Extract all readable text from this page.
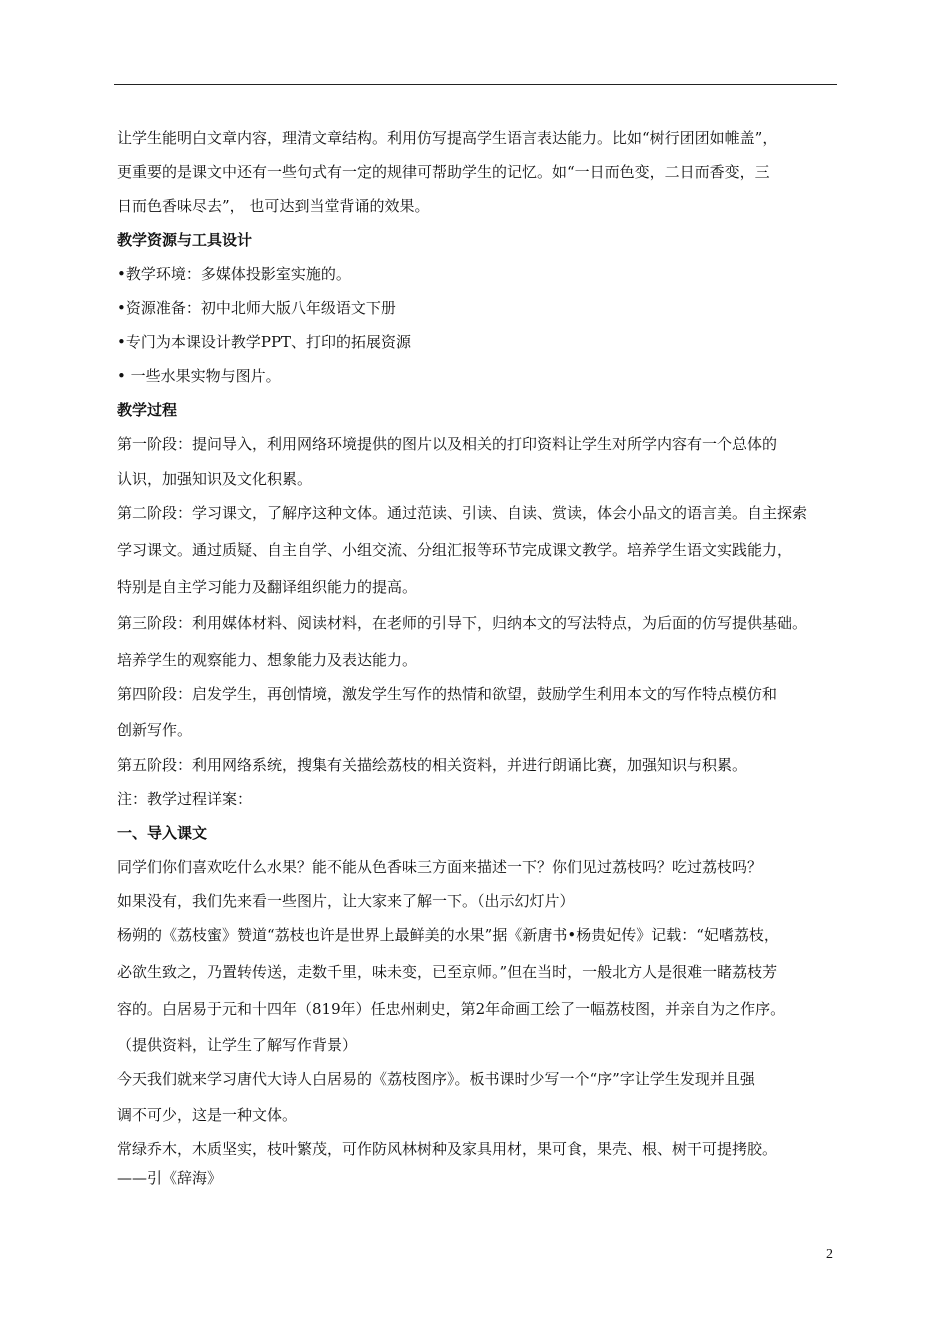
让学生能明白文章内容，理清文章结构。利用仿写提高学生语言表达能力。比如“树行团团如帷盖”，
更重要的是课文中还有一些句式有一定的规律可帮助学生的记忆。如“一日而色变，二日而香变，三
日而色香味尽去”， 也可达到当堂背诵的效果。
教学资源与工具设计
•教学环境：多媒体投影室实施的。
•资源准备：初中北师大版八年级语文下册
•专门为本课设计教学PPT、打印的拓展资源
• 一些水果实物与图片。
教学过程
第一阶段：提问导入，利用网络环境提供的图片以及相关的打印资料让学生对所学内容有一个总体的
认识，加强知识及文化积累。
第二阶段：学习课文，了解序这种文体。通过范读、引读、自读、赏读，体会小品文的语言美。自主探索
学习课文。通过质疑、自主自学、小组交流、分组汇报等环节完成课文教学。培养学生语文实践能力，
特别是自主学习能力及翻译组织能力的提高。
第三阶段：利用媒体材料、阅读材料，在老师的引导下，归纳本文的写法特点，为后面的仿写提供基础。
培养学生的观察能力、想象能力及表达能力。
第四阶段：启发学生，再创情境，激发学生写作的热情和欲望，鼓励学生利用本文的写作特点模仿和
创新写作。
第五阶段：利用网络系统，搜集有关描绘荔枝的相关资料，并进行朗诵比赛，加强知识与积累。
注：教学过程详案：
一、导入课文
同学们你们喜欢吃什么水果？能不能从色香味三方面来描述一下？你们见过荔枝吗？吃过荔枝吗？
如果没有，我们先来看一些图片，让大家来了解一下。（出示幻灯片）
杨朔的《荔枝蜜》赞道“荔枝也许是世界上最鲜美的水果”据《新唐书•杨贵妃传》记载：“妃嗜荔枝，
必欲生致之，乃置转传送，走数千里，味未变，已至京师。”但在当时，一般北方人是很难一睹荔枝芳
容的。白居易于元和十四年（819年）任忠州刺史，第2年命画工绘了一幅荔枝图，并亲自为之作序。
（提供资料，让学生了解写作背景）
今天我们就来学习唐代大诗人白居易的《荔枝图序》。板书课时少写一个“序”字让学生发现并且强
调不可少，这是一种文体。
常绿乔木，木质坚实，枝叶繁茂，可作防风林树种及家具用材，果可食，果壳、根、树干可提拷胶。
——引《辞海》
2
